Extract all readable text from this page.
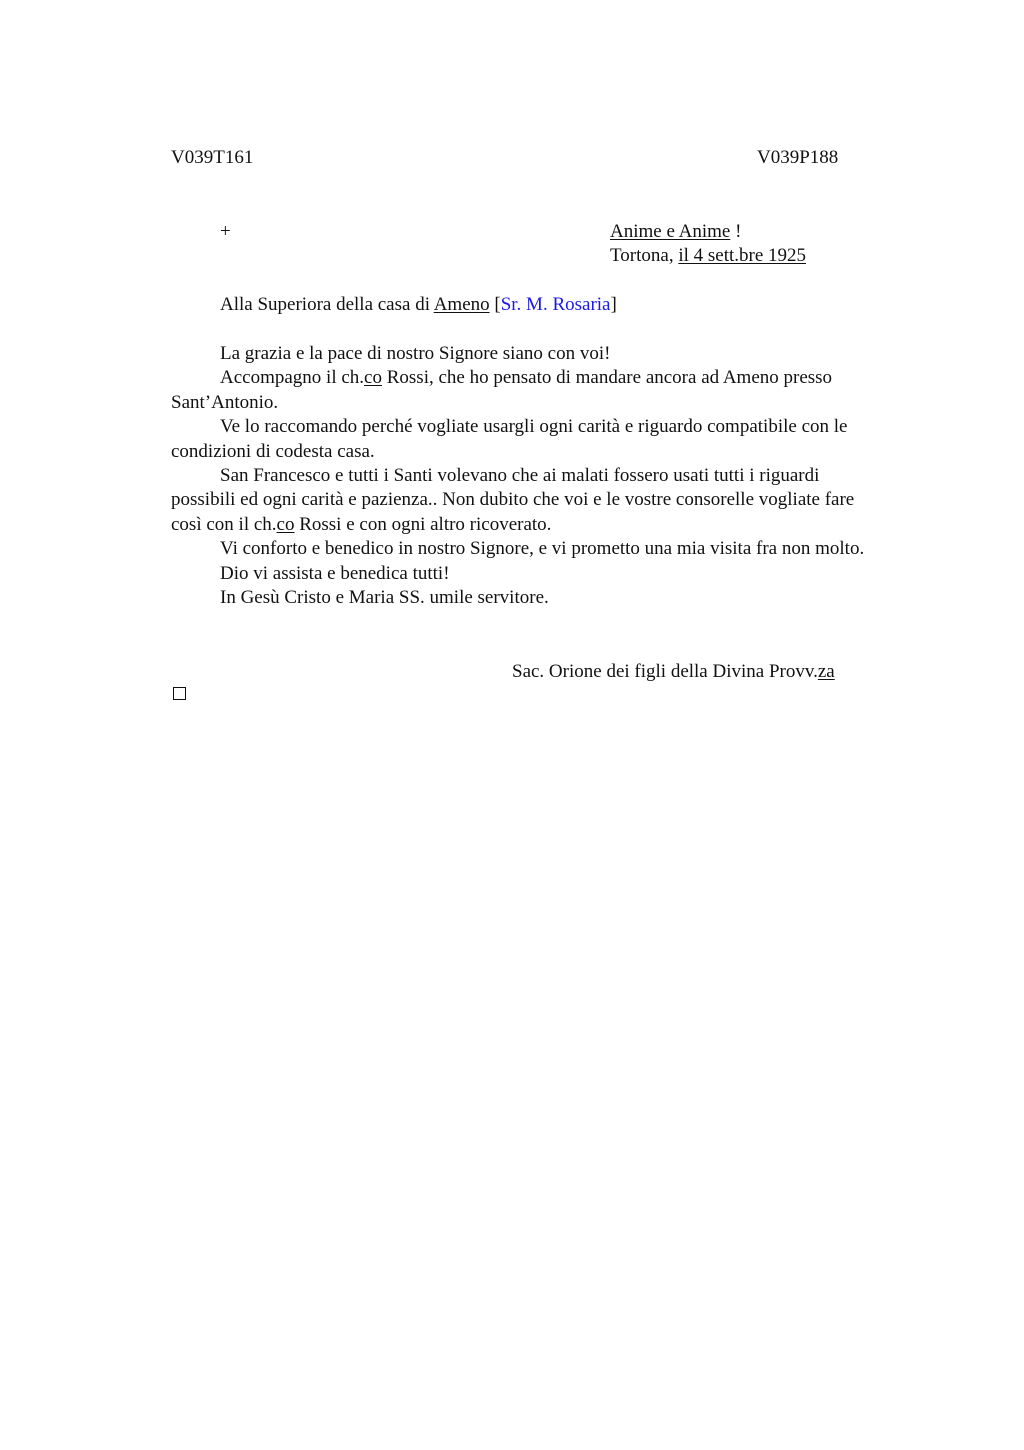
V039T161	V039P188
+	Anime e Anime !
Tortona, il 4 sett.bre 1925
Alla Superiora della casa di Ameno [Sr. M. Rosaria]

La grazia e la pace di nostro Signore siano con voi!

Accompagno il ch.co Rossi, che ho pensato di mandare ancora ad Ameno presso Sant’Antonio.

Ve lo raccomando perché vogliate usargli ogni carità e riguardo compatibile con le condizioni di codesta casa.

San Francesco e tutti i Santi volevano che ai malati fossero usati tutti i riguardi possibili ed ogni carità e pazienza.. Non dubito che voi e le vostre consorelle vogliate fare così con il ch.co Rossi e con ogni altro ricoverato.

Vi conforto e benedico in nostro Signore, e vi prometto una mia visita fra non molto.

Dio vi assista e benedica tutti!

In Gesù Cristo e Maria SS. umile servitore.

Sac. Orione dei figli della Divina Provv.za
